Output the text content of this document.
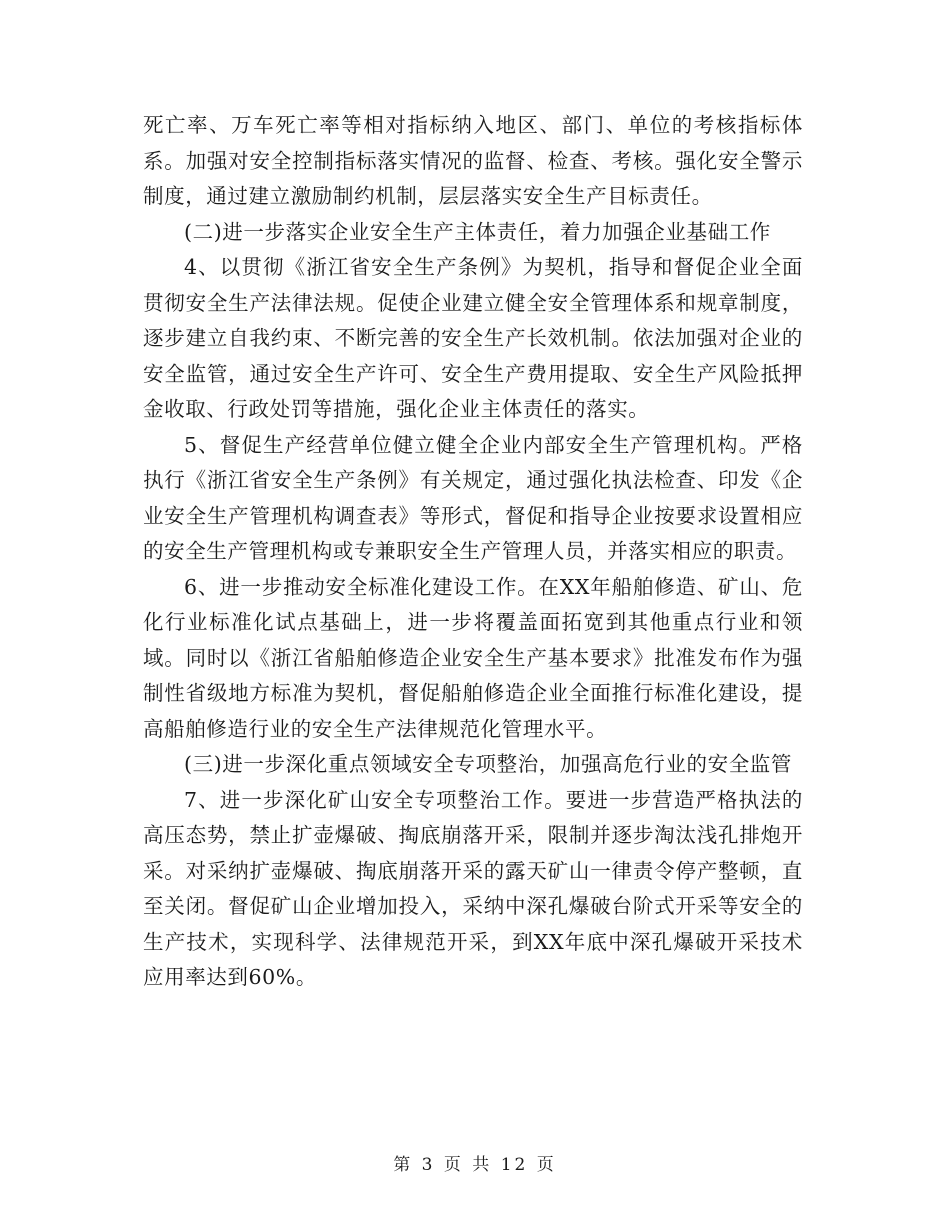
死亡率、万车死亡率等相对指标纳入地区、部门、单位的考核指标体系。加强对安全控制指标落实情况的监督、检查、考核。强化安全警示制度，通过建立激励制约机制，层层落实安全生产目标责任。

(二)进一步落实企业安全生产主体责任，着力加强企业基础工作

4、以贯彻《浙江省安全生产条例》为契机，指导和督促企业全面贯彻安全生产法律法规。促使企业建立健全安全管理体系和规章制度，逐步建立自我约束、不断完善的安全生产长效机制。依法加强对企业的安全监管，通过安全生产许可、安全生产费用提取、安全生产风险抵押金收取、行政处罚等措施，强化企业主体责任的落实。

5、督促生产经营单位健立健全企业内部安全生产管理机构。严格执行《浙江省安全生产条例》有关规定，通过强化执法检查、印发《企业安全生产管理机构调查表》等形式，督促和指导企业按要求设置相应的安全生产管理机构或专兼职安全生产管理人员，并落实相应的职责。

6、进一步推动安全标准化建设工作。在XX年船舶修造、矿山、危化行业标准化试点基础上，进一步将覆盖面拓宽到其他重点行业和领域。同时以《浙江省船舶修造企业安全生产基本要求》批准发布作为强制性省级地方标准为契机，督促船舶修造企业全面推行标准化建设，提高船舶修造行业的安全生产法律规范化管理水平。

(三)进一步深化重点领域安全专项整治，加强高危行业的安全监管

7、进一步深化矿山安全专项整治工作。要进一步营造严格执法的高压态势，禁止扩壶爆破、掏底崩落开采，限制并逐步淘汰浅孔排炮开采。对采纳扩壶爆破、掏底崩落开采的露天矿山一律责令停产整顿，直至关闭。督促矿山企业增加投入，采纳中深孔爆破台阶式开采等安全的生产技术，实现科学、法律规范开采，到XX年底中深孔爆破开采技术应用率达到60%。

第 3 页 共 12 页
